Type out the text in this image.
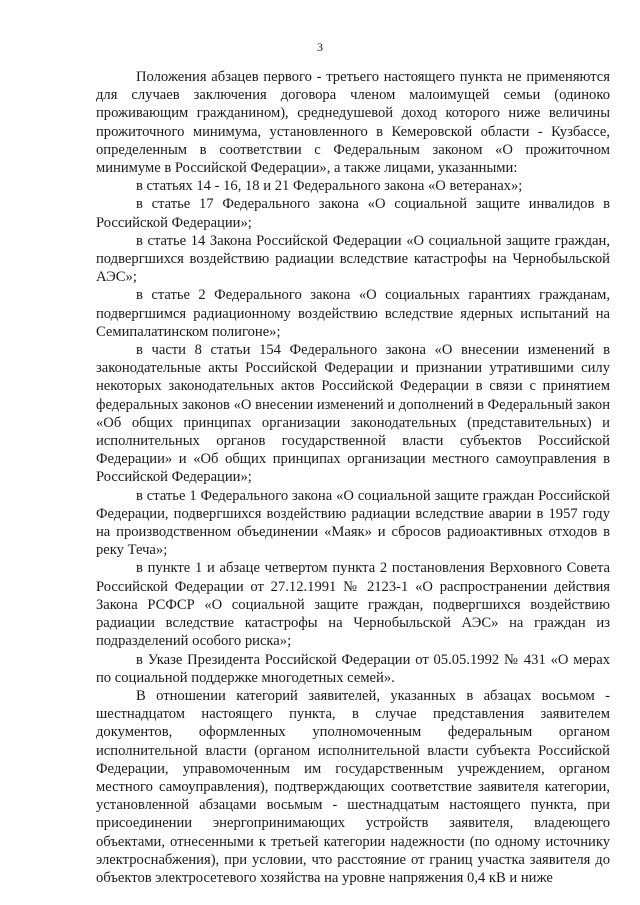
3

Положения абзацев первого - третьего настоящего пункта не применяются для случаев заключения договора членом малоимущей семьи (одиноко проживающим гражданином), среднедушевой доход которого ниже величины прожиточного минимума, установленного в Кемеровской области - Кузбассе, определенным в соответствии с Федеральным законом «О прожиточном минимуме в Российской Федерации», а также лицами, указанными:

в статьях 14 - 16, 18 и 21 Федерального закона «О ветеранах»;

в статье 17 Федерального закона «О социальной защите инвалидов в Российской Федерации»;

в статье 14 Закона Российской Федерации «О социальной защите граждан, подвергшихся воздействию радиации вследствие катастрофы на Чернобыльской АЭС»;

в статье 2 Федерального закона «О социальных гарантиях гражданам, подвергшимся радиационному воздействию вследствие ядерных испытаний на Семипалатинском полигоне»;

в части 8 статьи 154 Федерального закона «О внесении изменений в законодательные акты Российской Федерации и признании утратившими силу некоторых законодательных актов Российской Федерации в связи с принятием федеральных законов «О внесении изменений и дополнений в Федеральный закон «Об общих принципах организации законодательных (представительных) и исполнительных органов государственной власти субъектов Российской Федерации» и «Об общих принципах организации местного самоуправления в Российской Федерации»;

в статье 1 Федерального закона «О социальной защите граждан Российской Федерации, подвергшихся воздействию радиации вследствие аварии в 1957 году на производственном объединении «Маяк» и сбросов радиоактивных отходов в реку Теча»;

в пункте 1 и абзаце четвертом пункта 2 постановления Верховного Совета Российской Федерации от 27.12.1991 № 2123-1 «О распространении действия Закона РСФСР «О социальной защите граждан, подвергшихся воздействию радиации вследствие катастрофы на Чернобыльской АЭС» на граждан из подразделений особого риска»;

в Указе Президента Российской Федерации от 05.05.1992 № 431 «О мерах по социальной поддержке многодетных семей».

В отношении категорий заявителей, указанных в абзацах восьмом - шестнадцатом настоящего пункта, в случае представления заявителем документов, оформленных уполномоченным федеральным органом исполнительной власти (органом исполнительной власти субъекта Российской Федерации, управомоченным им государственным учреждением, органом местного самоуправления), подтверждающих соответствие заявителя категории, установленной абзацами восьмым - шестнадцатым настоящего пункта, при присоединении энергопринимающих устройств заявителя, владеющего объектами, отнесенными к третьей категории надежности (по одному источнику электроснабжения), при условии, что расстояние от границ участка заявителя до объектов электросетевого хозяйства на уровне напряжения 0,4 кВ и ниже
